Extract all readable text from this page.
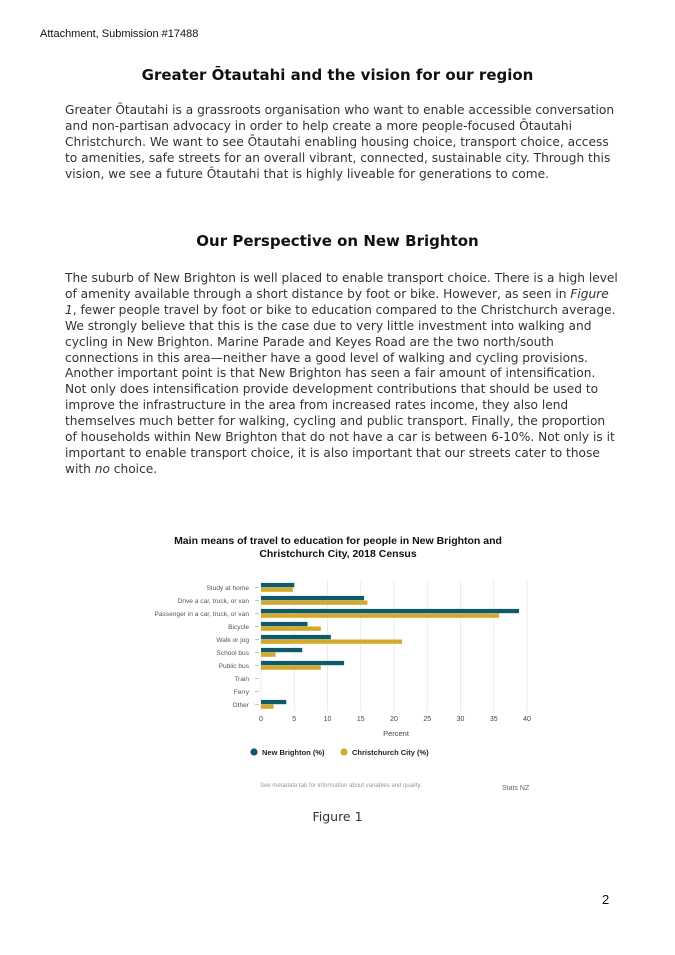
Attachment, Submission #17488
Greater Ōtautahi and the vision for our region

Greater Ōtautahi is a grassroots organisation who want to enable accessible conversation and non-partisan advocacy in order to help create a more people-focused Ōtautahi Christchurch. We want to see Ōtautahi enabling housing choice, transport choice, access to amenities, safe streets for an overall vibrant, connected, sustainable city. Through this vision, we see a future Ōtautahi that is highly liveable for generations to come.

Our Perspective on New Brighton

The suburb of New Brighton is well placed to enable transport choice. There is a high level of amenity available through a short distance by foot or bike. However, as seen in Figure 1, fewer people travel by foot or bike to education compared to the Christchurch average. We strongly believe that this is the case due to very little investment into walking and cycling in New Brighton. Marine Parade and Keyes Road are the two north/south connections in this area—neither have a good level of walking and cycling provisions. Another important point is that New Brighton has seen a fair amount of intensification. Not only does intensification provide development contributions that should be used to improve the infrastructure in the area from increased rates income, they also lend themselves much better for walking, cycling and public transport. Finally, the proportion of households within New Brighton that do not have a car is between 6-10%. Not only is it important to enable transport choice, it is also important that our streets cater to those with no choice.

Main means of travel to education for people in New Brighton and
Christchurch City, 2018 Census
Study at home
Drive a car, truck, or van
Passenger in a car, truck, or van
Bicycle
Walk or jog
School bus
Public bus
Train
Ferry
Other
0	5	10	15	20	25	30	35	40
Percent
New Brighton (%)	Christchurch City (%)
See metadata tab for information about variables and quality.	Stats NZ
Figure 1
2
